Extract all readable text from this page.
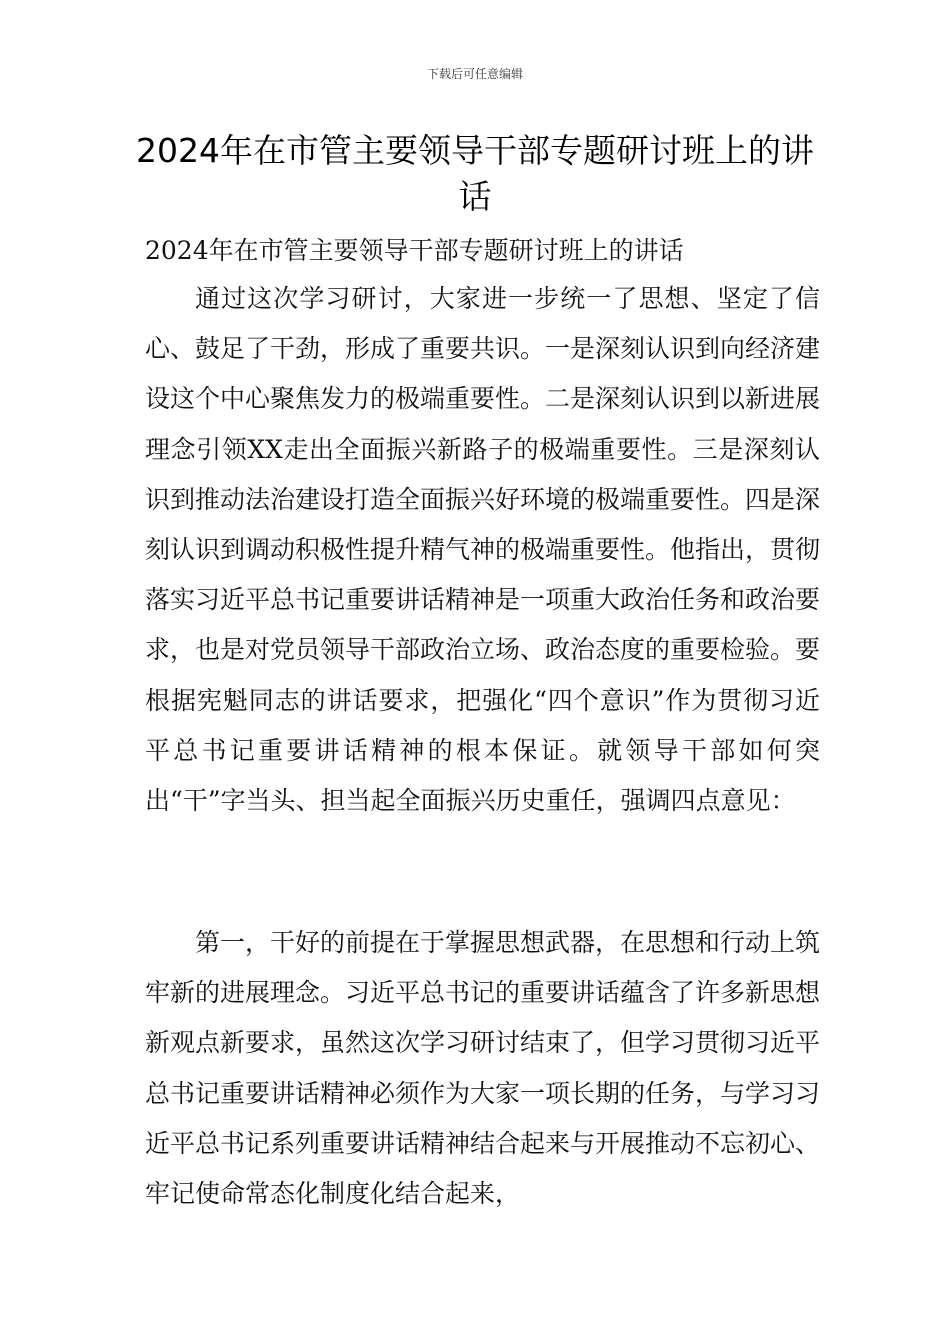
下载后可任意编辑
2024年在市管主要领导干部专题研讨班上的讲话
2024年在市管主要领导干部专题研讨班上的讲话

通过这次学习研讨，大家进一步统一了思想、坚定了信心、鼓足了干劲，形成了重要共识。一是深刻认识到向经济建设这个中心聚焦发力的极端重要性。二是深刻认识到以新进展理念引领XX走出全面振兴新路子的极端重要性。三是深刻认识到推动法治建设打造全面振兴好环境的极端重要性。四是深刻认识到调动积极性提升精气神的极端重要性。他指出，贯彻落实习近平总书记重要讲话精神是一项重大政治任务和政治要求，也是对党员领导干部政治立场、政治态度的重要检验。要根据宪魁同志的讲话要求，把强化“四个意识”作为贯彻习近平总书记重要讲话精神的根本保证。就领导干部如何突出“干”字当头、担当起全面振兴历史重任，强调四点意见：

第一，干好的前提在于掌握思想武器，在思想和行动上筑牢新的进展理念。习近平总书记的重要讲话蕴含了许多新思想新观点新要求，虽然这次学习研讨结束了，但学习贯彻习近平总书记重要讲话精神必须作为大家一项长期的任务，与学习习近平总书记系列重要讲话精神结合起来与开展推动不忘初心、牢记使命常态化制度化结合起来，
